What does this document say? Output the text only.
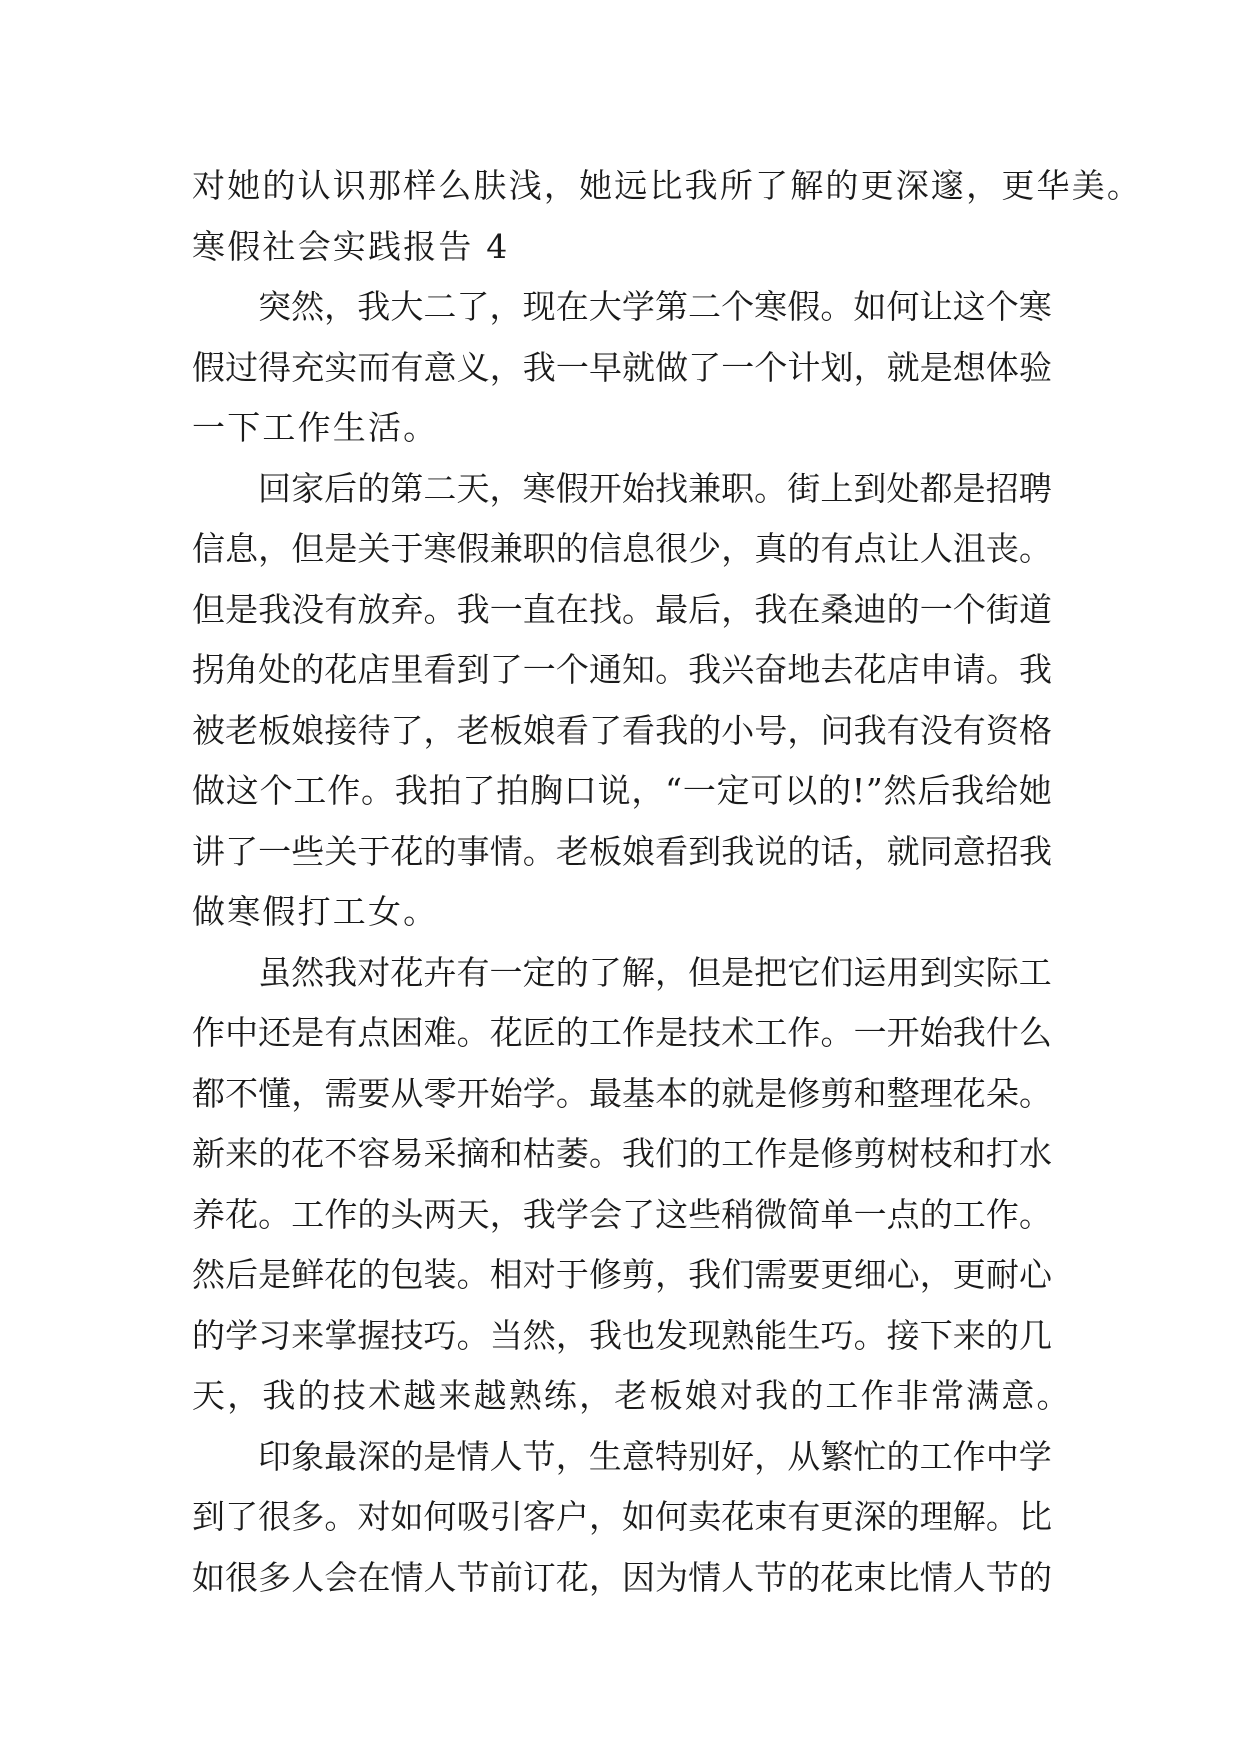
对 她 的 认 识 那 样 么 肤 浅 ， 她 远 比 我 所 了 解 的 更 深 邃 ， 更 华 美 。
寒 假 社 会 实 践 报 告
4
突 然 ， 我 大 二 了 ， 现 在 大 学 第 二 个 寒 假 。 如 何 让 这 个 寒
假 过 得 充 实 而 有 意 义 ， 我 一 早 就 做 了 一 个 计 划 ， 就 是 想 体 验
一 下 工 作 生 活 。
回 家 后 的 第 二 天 ， 寒 假 开 始 找 兼 职 。 街 上 到 处 都 是 招 聘
信 息 ， 但 是 关 于 寒 假 兼 职 的 信 息 很 少 ， 真 的 有 点 让 人 沮 丧 。
但 是 我 没 有 放 弃 。 我 一 直 在 找 。 最 后 ， 我 在 桑 迪 的 一 个 街 道
拐 角 处 的 花 店 里 看 到 了 一 个 通 知 。 我 兴 奋 地 去 花 店 申 请 。 我
被 老 板 娘 接 待 了 ， 老 板 娘 看 了 看 我 的 小 号 ， 问 我 有 没 有 资 格
做 这 个 工 作 。 我 拍 了 拍 胸 口 说 ， “ 一 定 可 以 的 ! ” 然 后 我 给 她
讲 了 一 些 关 于 花 的 事 情 。 老 板 娘 看 到 我 说 的 话 ， 就 同 意 招 我
做 寒 假 打 工 女 。
虽 然 我 对 花 卉 有 一 定 的 了 解 ， 但 是 把 它 们 运 用 到 实 际 工
作 中 还 是 有 点 困 难 。 花 匠 的 工 作 是 技 术 工 作 。 一 开 始 我 什 么
都 不 懂 ， 需 要 从 零 开 始 学 。 最 基 本 的 就 是 修 剪 和 整 理 花 朵 。
新 来 的 花 不 容 易 采 摘 和 枯 萎 。 我 们 的 工 作 是 修 剪 树 枝 和 打 水
养 花 。 工 作 的 头 两 天 ， 我 学 会 了 这 些 稍 微 简 单 一 点 的 工 作 。
然 后 是 鲜 花 的 包 装 。 相 对 于 修 剪 ， 我 们 需 要 更 细 心 ， 更 耐 心
的 学 习 来 掌 握 技 巧 。 当 然 ， 我 也 发 现 熟 能 生 巧 。 接 下 来 的 几
天 ， 我 的 技 术 越 来 越 熟 练 ， 老 板 娘 对 我 的 工 作 非 常 满 意 。
印 象 最 深 的 是 情 人 节 ， 生 意 特 别 好 ， 从 繁 忙 的 工 作 中 学
到 了 很 多 。 对 如 何 吸 引 客 户 ， 如 何 卖 花 束 有 更 深 的 理 解 。 比
如 很 多 人 会 在 情 人 节 前 订 花 ， 因 为 情 人 节 的 花 束 比 情 人 节 的
